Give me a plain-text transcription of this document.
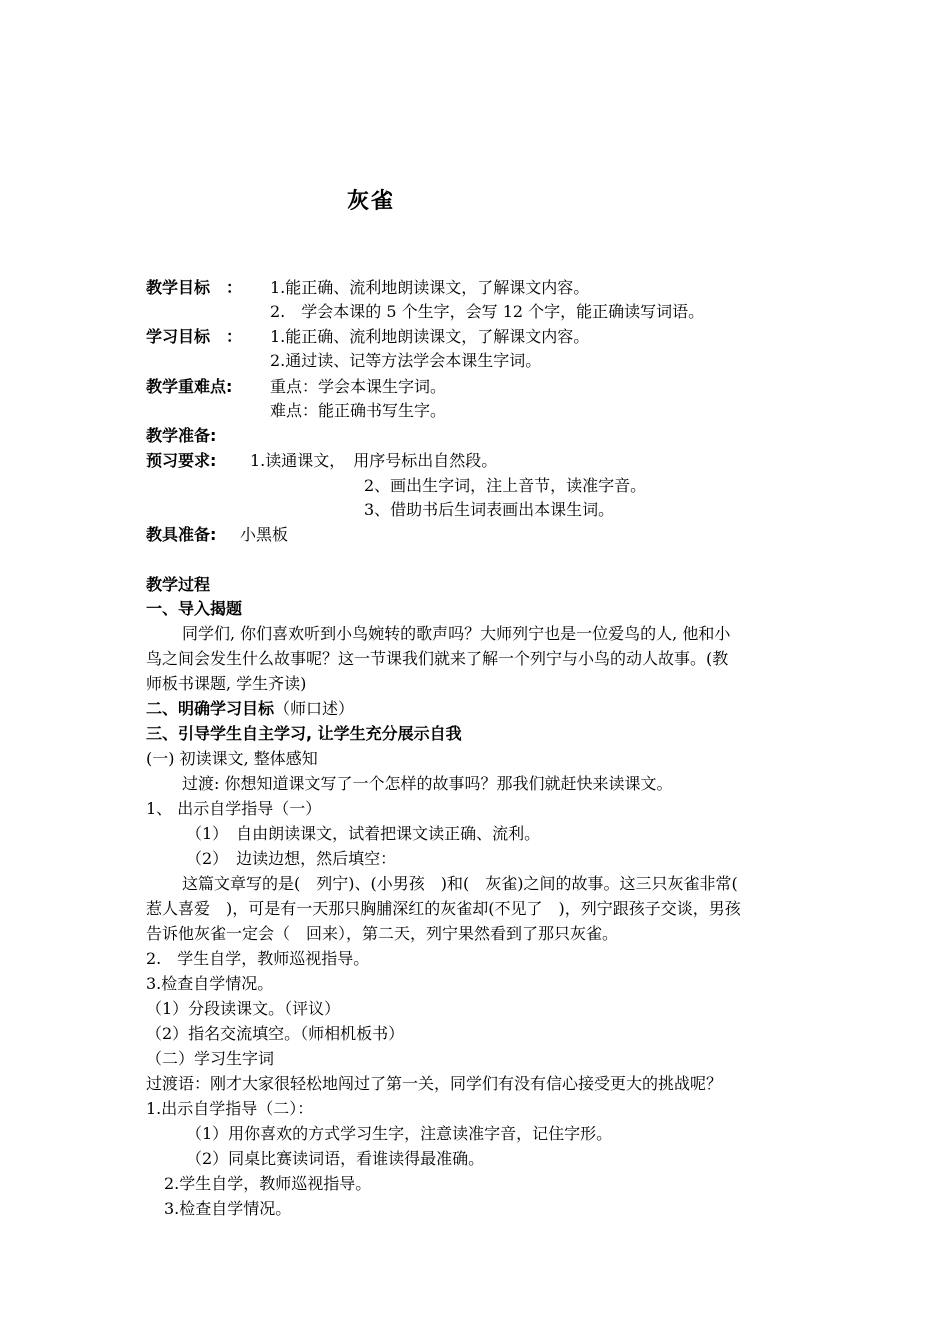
灰雀
教学目标　： 1.能正确、流利地朗读课文，了解课文内容。
2.　学会本课的 5 个生字，会写 12 个字，能正确读写词语。
学习目标　： 1.能正确、流利地朗读课文，了解课文内容。
2.通过读、记等方法学会本课生字词。
教学重难点: 重点：学会本课生字词。
难点：能正确书写生字。
教学准备:
预习要求: 1.读通课文，　用序号标出自然段。
2、画出生字词，注上音节，读准字音。
3、借助书后生词表画出本课生词。
教具准备: 小黑板
教学过程
一、导入揭题
同学们, 你们喜欢听到小鸟婉转的歌声吗？大师列宁也是一位爱鸟的人, 他和小
鸟之间会发生什么故事呢？这一节课我们就来了解一个列宁与小鸟的动人故事。(教
师板书课题, 学生齐读)
二、明确学习目标（师口述）
三、引导学生自主学习, 让学生充分展示自我
(一) 初读课文, 整体感知
过渡: 你想知道课文写了一个怎样的故事吗？那我们就赶快来读课文。
1、 出示自学指导（一）
（1）　自由朗读课文，试着把课文读正确、流利。
（2）　边读边想，然后填空：
这篇文章写的是(　列宁)、(小男孩　)和(　灰雀)之间的故事。这三只灰雀非常(
惹人喜爱　)，可是有一天那只胸脯深红的灰雀却(不见了　)，列宁跟孩子交谈，男孩
告诉他灰雀一定会（　回来），第二天，列宁果然看到了那只灰雀。
2.　学生自学，教师巡视指导。
3.检查自学情况。
（1）分段读课文。（评议）
（2）指名交流填空。（师相机板书）
（二）学习生字词
过渡语：刚才大家很轻松地闯过了第一关，同学们有没有信心接受更大的挑战呢？
1.出示自学指导（二）：
（1）用你喜欢的方式学习生字，注意读准字音，记住字形。
（2）同桌比赛读词语，看谁读得最准确。
2.学生自学，教师巡视指导。
3.检查自学情况。
